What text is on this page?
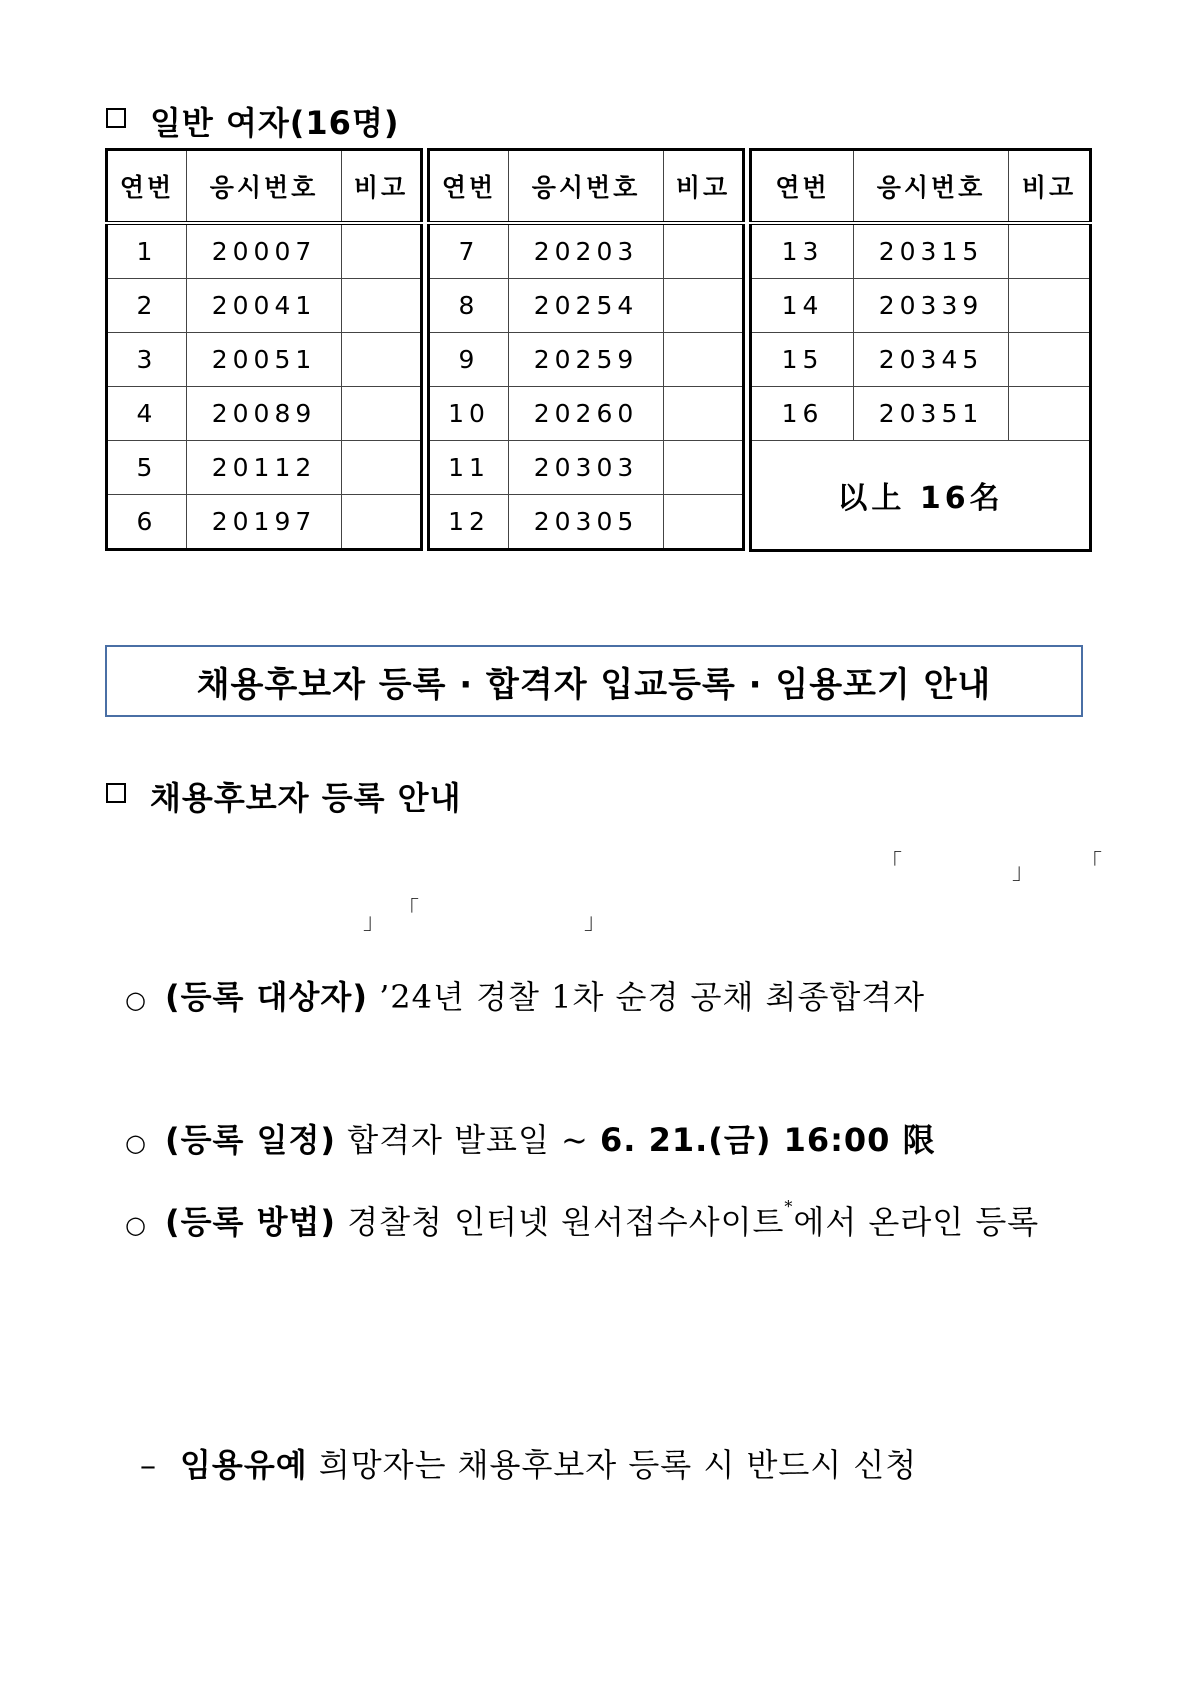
일반 여자(16명)
연번	응시번호	비고
1	20007	
2	20041	
3	20051	
4	20089	
5	20112	
6	20197	
연번	응시번호	비고
7	20203	
8	20254	
9	20259	
10	20260	
11	20303	
12	20305	
연번	응시번호	비고
13	20315	
14	20339	
15	20345	
16	20351	
以上 16名		
채용후보자 등록 · 합격자 입교등록 · 임용포기 안내
채용후보자 등록 안내
「	」 「
」 「	」
○ (등록 대상자) ’24년 경찰 1차 순경 공채 최종합격자
○ (등록 일정) 합격자 발표일 ~ 6. 21.(금) 16:00 限
○ (등록 방법) 경찰청 인터넷 원서접수사이트*에서 온라인 등록
– 임용유예 희망자는 채용후보자 등록 시 반드시 신청
